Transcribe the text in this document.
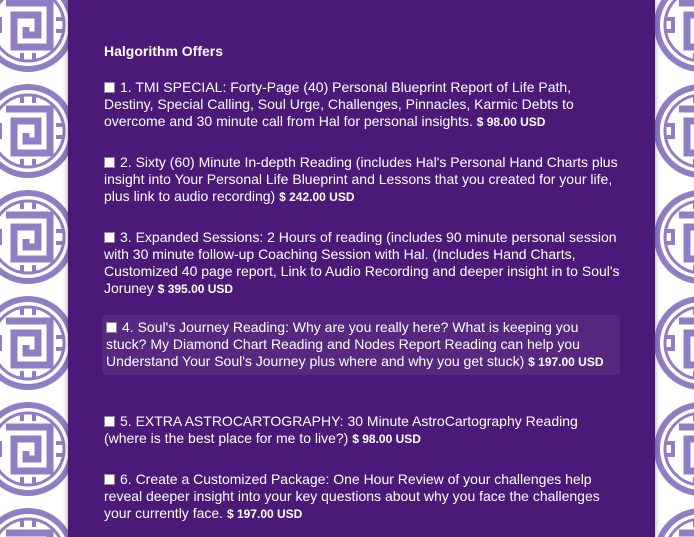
Halgorithm Offers
1. TMI SPECIAL: Forty-Page (40) Personal Blueprint Report of Life Path, Destiny, Special Calling, Soul Urge, Challenges, Pinnacles, Karmic Debts to overcome and 30 minute call from Hal for personal insights. $ 98.00 USD
2. Sixty (60) Minute In-depth Reading (includes Hal's Personal Hand Charts plus insight into Your Personal Life Blueprint and Lessons that you created for your life, plus link to audio recording) $ 242.00 USD
3. Expanded Sessions: 2 Hours of reading (includes 90 minute personal session with 30 minute follow-up Coaching Session with Hal. (Includes Hand Charts, Customized 40 page report, Link to Audio Recording and deeper insight in to Soul's Joruney $ 395.00 USD
4. Soul's Journey Reading: Why are you really here? What is keeping you stuck? My Diamond Chart Reading and Nodes Report Reading can help you Understand Your Soul's Journey plus where and why you get stuck) $ 197.00 USD
5. EXTRA ASTROCARTOGRAPHY: 30 Minute AstroCartography Reading (where is the best place for me to live?) $ 98.00 USD
6. Create a Customized Package: One Hour Review of your challenges help reveal deeper insight into your key questions about why you face the challenges your currently face. $ 197.00 USD
